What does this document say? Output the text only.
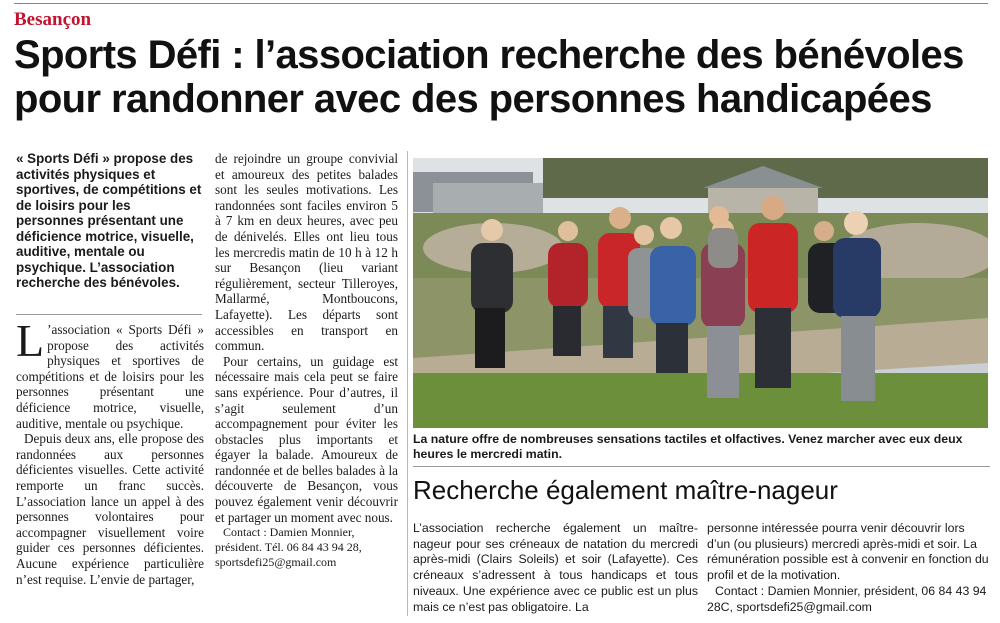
Besançon
Sports Défi : l’association recherche des bénévoles
pour randonner avec des personnes handicapées

« Sports Défi » propose des activités physiques et sportives, de compétitions et de loisirs pour les personnes présentant une déficience motrice, visuelle, auditive, mentale ou psychique. L’association recherche des bénévoles.

L ’association « Sports Défi » propose des activités physiques et sportives de compétitions et de loisirs pour les personnes présentant une déficience motrice, visuelle, auditive, mentale ou psychique.

Depuis deux ans, elle propose des randonnées aux personnes déficientes visuelles. Cette activité remporte un franc succès. L’association lance un appel à des personnes volontaires pour accompagner visuellement voire guider ces personnes déficientes. Aucune expérience particulière n’est requise. L’envie de partager,

de rejoindre un groupe convivial et amoureux des petites balades sont les seules motivations. Les randonnées sont faciles environ 5 à 7 km en deux heures, avec peu de dénivelés. Elles ont lieu tous les mercredis matin de 10 h à 12 h sur Besançon (lieu variant régulièrement, secteur Tilleroyes, Mallarmé, Montboucons, Lafayette). Les départs sont accessibles en transport en commun.

Pour certains, un guidage est nécessaire mais cela peut se faire sans expérience. Pour d’autres, il s’agit seulement d’un accompagnement pour éviter les obstacles plus importants et égayer la balade. Amoureux de randonnée et de belles balades à la découverte de Besançon, vous pouvez également venir découvrir et partager un moment avec nous.

Contact : Damien Monnier, président. Tél. 06 84 43 94 28, sportsdefi25@gmail.com

La nature offre de nombreuses sensations tactiles et olfactives. Venez marcher avec eux deux heures le mercredi matin.
Recherche également maître-nageur

L’association recherche également un maître-nageur pour ses créneaux de natation du mercredi après-midi (Clairs Soleils) et soir (Lafayette). Ces créneaux s’adressent à tous handicaps et tous niveaux. Une expérience avec ce public est un plus mais ce n’est pas obligatoire. La

personne intéressée pourra venir découvrir lors d’un (ou plusieurs) mercredi après-midi et soir. La rémunération possible est à convenir en fonction du profil et de la motivation.

Contact : Damien Monnier, président, 06 84 43 94 28C, sportsdefi25@gmail.com
